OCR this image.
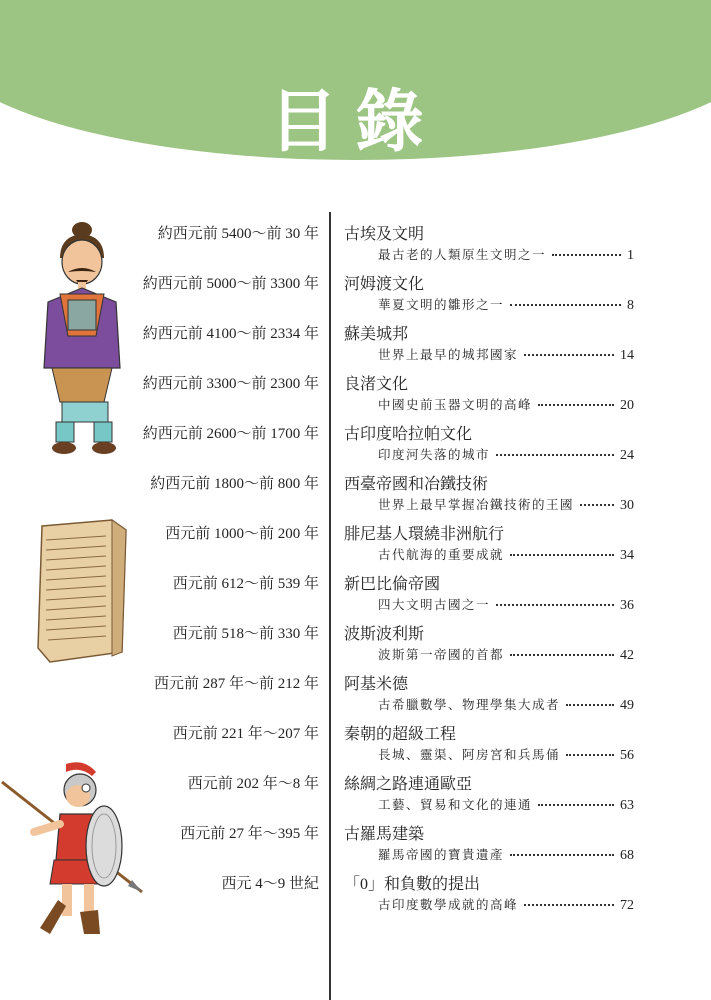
目錄
約西元前 5400～前 30 年 古埃及文明
最古老的人類原生文明之一	1
約西元前 5000～前 3300 年 河姆渡文化
華夏文明的雛形之一	8
約西元前 4100～前 2334 年 蘇美城邦
世界上最早的城邦國家	14
約西元前 3300～前 2300 年 良渚文化
中國史前玉器文明的高峰	20
約西元前 2600～前 1700 年 古印度哈拉帕文化
印度河失落的城市	24
約西元前 1800～前 800 年 西臺帝國和冶鐵技術
世界上最早掌握冶鐵技術的王國	30
西元前 1000～前 200 年 腓尼基人環繞非洲航行
古代航海的重要成就	34
西元前 612～前 539 年 新巴比倫帝國
四大文明古國之一	36
西元前 518～前 330 年 波斯波利斯
波斯第一帝國的首都	42
西元前 287 年～前 212 年 阿基米德
古希臘數學、物理學集大成者	49
西元前 221 年～207 年 秦朝的超級工程
長城、靈渠、阿房宮和兵馬俑	56
西元前 202 年～8 年 絲綢之路連通歐亞
工藝、貿易和文化的連通	63
西元前 27 年～395 年 古羅馬建築
羅馬帝國的寶貴遺產	68
西元 4～9 世紀 「0」和負數的提出
古印度數學成就的高峰	72
